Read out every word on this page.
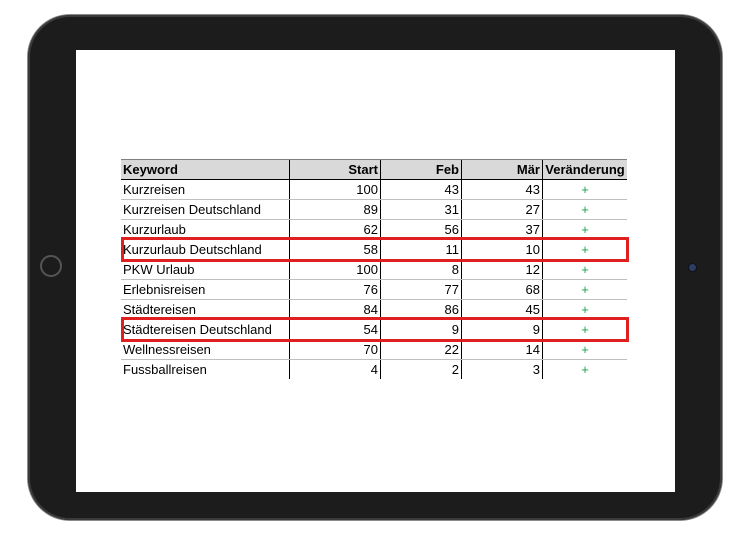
Keyword	Start	Feb	Mär	Veränderung
Kurzreisen	100	43	43	+
Kurzreisen Deutschland	89	31	27	+
Kurzurlaub	62	56	37	+
Kurzurlaub Deutschland	58	11	10	+
PKW Urlaub	100	8	12	+
Erlebnisreisen	76	77	68	+
Städtereisen	84	86	45	+
Städtereisen Deutschland	54	9	9	+
Wellnessreisen	70	22	14	+
Fussballreisen	4	2	3	+
